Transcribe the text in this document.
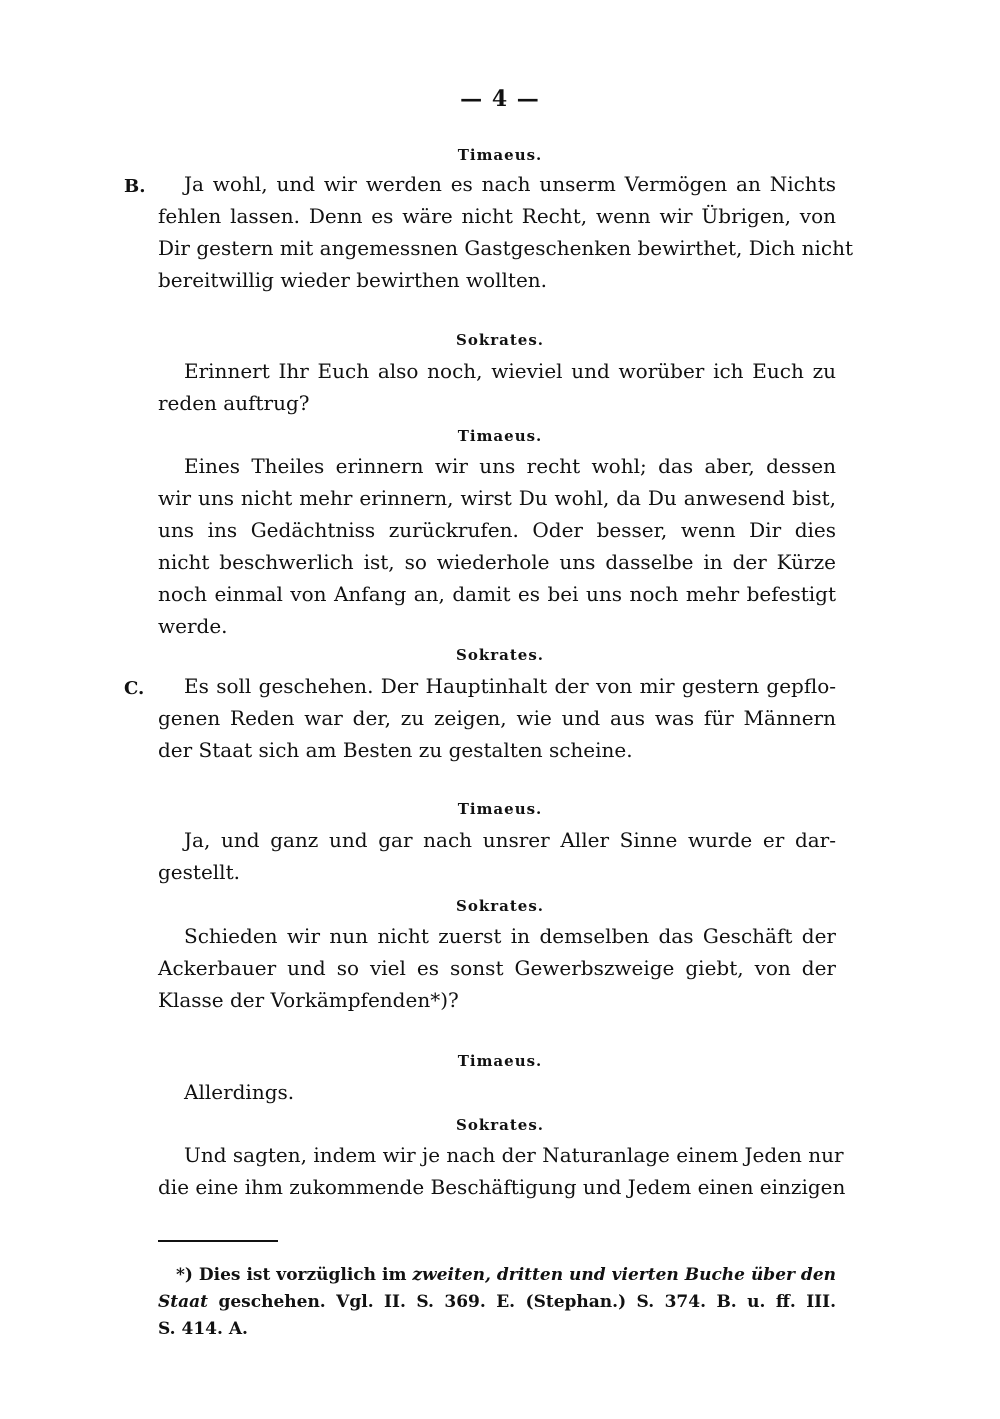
— 4 —
Timaeus.
B.	Ja wohl, und wir werden es nach unserm Vermögen an Nichts
fehlen lassen. Denn es wäre nicht Recht, wenn wir Übrigen, von
Dir gestern mit angemessnen Gastgeschenken bewirthet, Dich nicht
bereitwillig wieder bewirthen wollten.
Sokrates.
Erinnert Ihr Euch also noch, wieviel und worüber ich Euch zu
reden auftrug?
Timaeus.
Eines Theiles erinnern wir uns recht wohl; das aber, dessen
wir uns nicht mehr erinnern, wirst Du wohl, da Du anwesend bist,
uns ins Gedächtniss zurückrufen. Oder besser, wenn Dir dies
nicht beschwerlich ist, so wiederhole uns dasselbe in der Kürze
noch einmal von Anfang an, damit es bei uns noch mehr befestigt
werde.
Sokrates.
C.	Es soll geschehen. Der Hauptinhalt der von mir gestern gepflo-
genen Reden war der, zu zeigen, wie und aus was für Männern
der Staat sich am Besten zu gestalten scheine.
Timaeus.
Ja, und ganz und gar nach unsrer Aller Sinne wurde er dar-
gestellt.
Sokrates.
Schieden wir nun nicht zuerst in demselben das Geschäft der
Ackerbauer und so viel es sonst Gewerbszweige giebt, von der
Klasse der Vorkämpfenden*)?
Timaeus.
Allerdings.
Sokrates.
Und sagten, indem wir je nach der Naturanlage einem Jeden nur
die eine ihm zukommende Beschäftigung und Jedem einen einzigen
*) Dies ist vorzüglich im zweiten, dritten und vierten Buche über den
Staat geschehen. Vgl. II. S. 369. E. (Stephan.) S. 374. B. u. ff. III.
S. 414. A.
